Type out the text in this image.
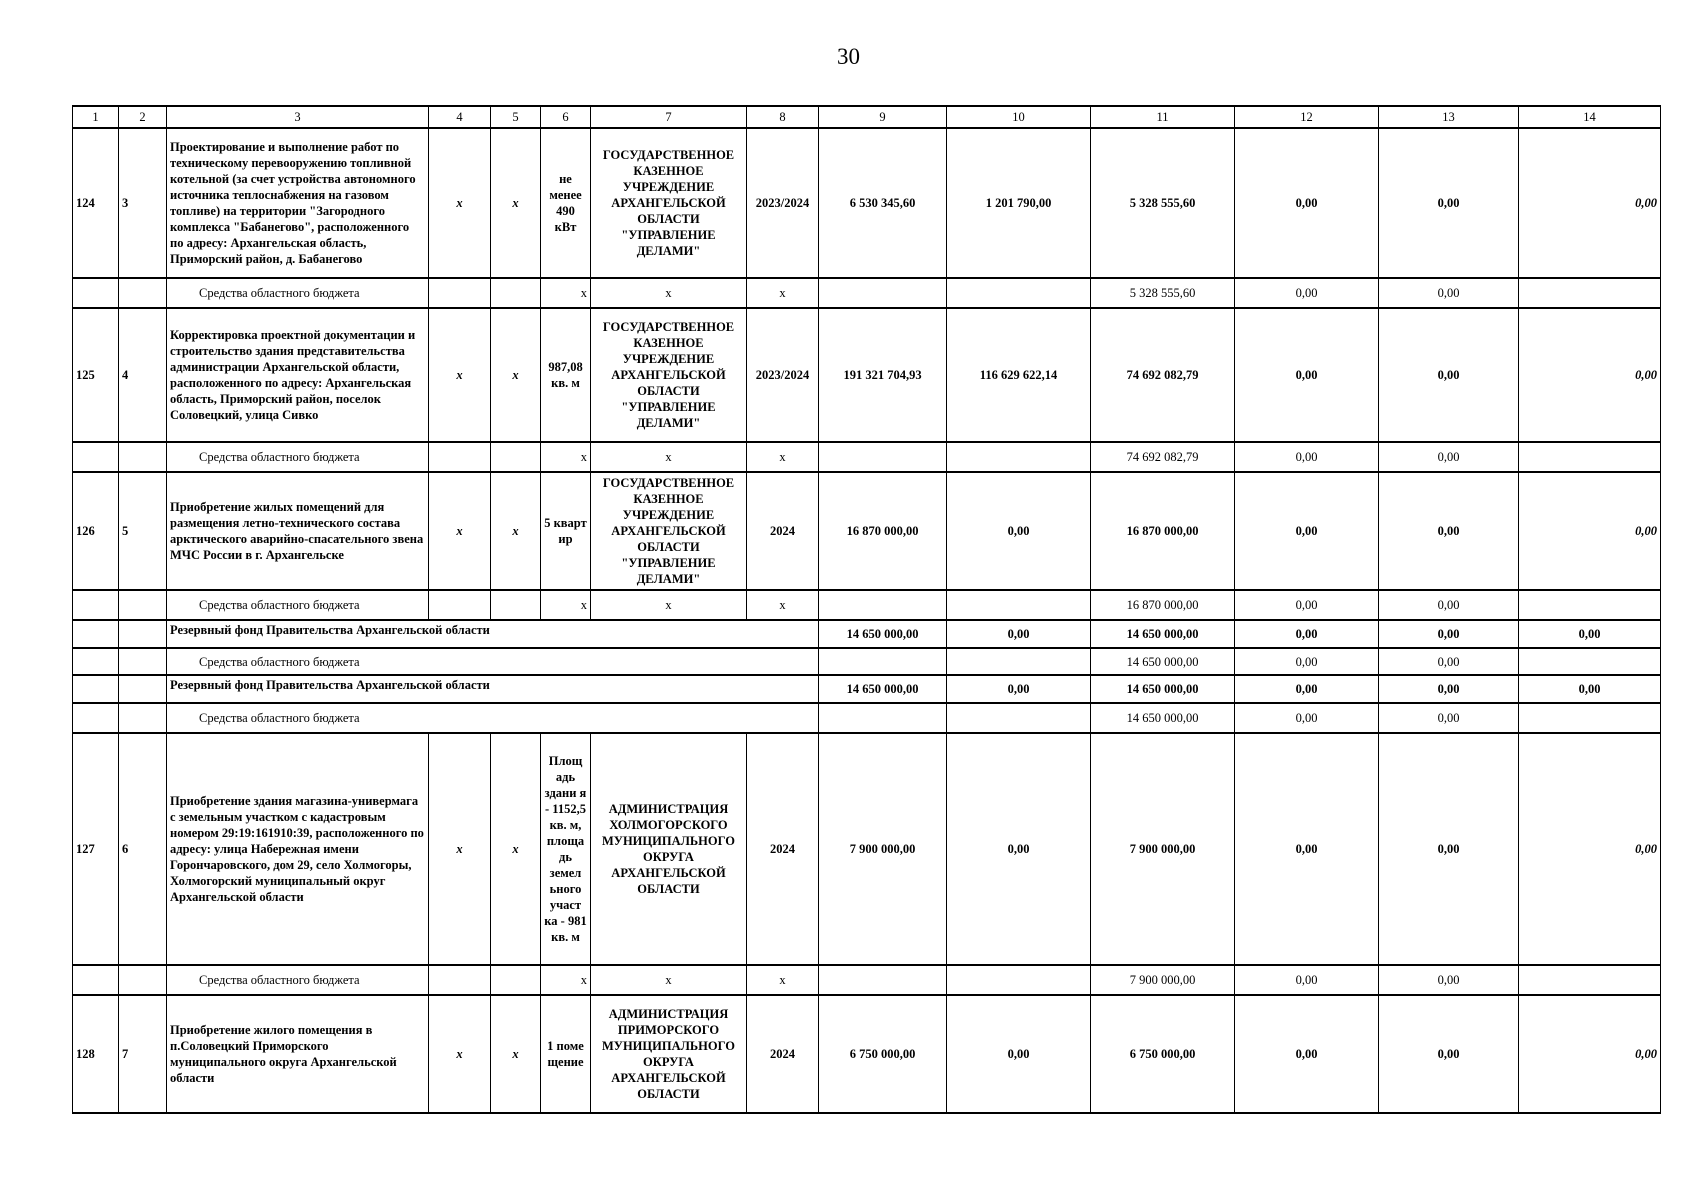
30
1	2	3	4	5	6	7	8	9	10	11	12	13	14
124	3	Проектирование и выполнение работ по техническому перевооружению топливной котельной (за счет устройства автономного источника теплоснабжения на газовом топливе) на территории "Загородного комплекса "Бабанегово", расположенного по адресу: Архангельская область, Приморский район, д. Бабанегово	х	х	не менее 490 кВт	ГОСУДАРСТВЕННОЕ КАЗЕННОЕ УЧРЕЖДЕНИЕ АРХАНГЕЛЬСКОЙ ОБЛАСТИ "УПРАВЛЕНИЕ ДЕЛАМИ"	2023/2024	6 530 345,60	1 201 790,00	5 328 555,60	0,00	0,00	0,00
		Средства областного бюджета			x	x	x			5 328 555,60	0,00	0,00	
125	4	Корректировка проектной документации и строительство здания представительства администрации Архангельской области, расположенного по адресу: Архангельская область, Приморский район, поселок Соловецкий, улица Сивко	х	х	987,08 кв. м	ГОСУДАРСТВЕННОЕ КАЗЕННОЕ УЧРЕЖДЕНИЕ АРХАНГЕЛЬСКОЙ ОБЛАСТИ "УПРАВЛЕНИЕ ДЕЛАМИ"	2023/2024	191 321 704,93	116 629 622,14	74 692 082,79	0,00	0,00	0,00
		Средства областного бюджета			x	x	x			74 692 082,79	0,00	0,00	
126	5	Приобретение жилых помещений для размещения летно-технического состава арктического аварийно-спасательного звена МЧС России в г. Архангельске	х	х	5 кварт ир	ГОСУДАРСТВЕННОЕ КАЗЕННОЕ УЧРЕЖДЕНИЕ АРХАНГЕЛЬСКОЙ ОБЛАСТИ "УПРАВЛЕНИЕ ДЕЛАМИ"	2024	16 870 000,00	0,00	16 870 000,00	0,00	0,00	0,00
		Средства областного бюджета			x	x	x			16 870 000,00	0,00	0,00	
		Резервный фонд Правительства Архангельской области						14 650 000,00	0,00	14 650 000,00	0,00	0,00	0,00
		Средства областного бюджета								14 650 000,00	0,00	0,00	
		Резервный фонд Правительства Архангельской области						14 650 000,00	0,00	14 650 000,00	0,00	0,00	0,00
		Средства областного бюджета								14 650 000,00	0,00	0,00	
127	6	Приобретение здания магазина-универмага с земельным участком с кадастровым номером 29:19:161910:39, расположенного по адресу: улица Набережная имени Горончаровского, дом 29, село Холмогоры, Холмогорский муниципальный округ Архангельской области	х	х	Площ адь здани я - 1152,5 кв. м, площа дь земел ьного участ ка - 981 кв. м	АДМИНИСТРАЦИЯ ХОЛМОГОРСКОГО МУНИЦИПАЛЬНОГО ОКРУГА АРХАНГЕЛЬСКОЙ ОБЛАСТИ	2024	7 900 000,00	0,00	7 900 000,00	0,00	0,00	0,00
		Средства областного бюджета			x	x	x			7 900 000,00	0,00	0,00	
128	7	Приобретение жилого помещения в п.Соловецкий Приморского муниципального округа Архангельской области	х	х	1 поме щение	АДМИНИСТРАЦИЯ ПРИМОРСКОГО МУНИЦИПАЛЬНОГО ОКРУГА АРХАНГЕЛЬСКОЙ ОБЛАСТИ	2024	6 750 000,00	0,00	6 750 000,00	0,00	0,00	0,00
